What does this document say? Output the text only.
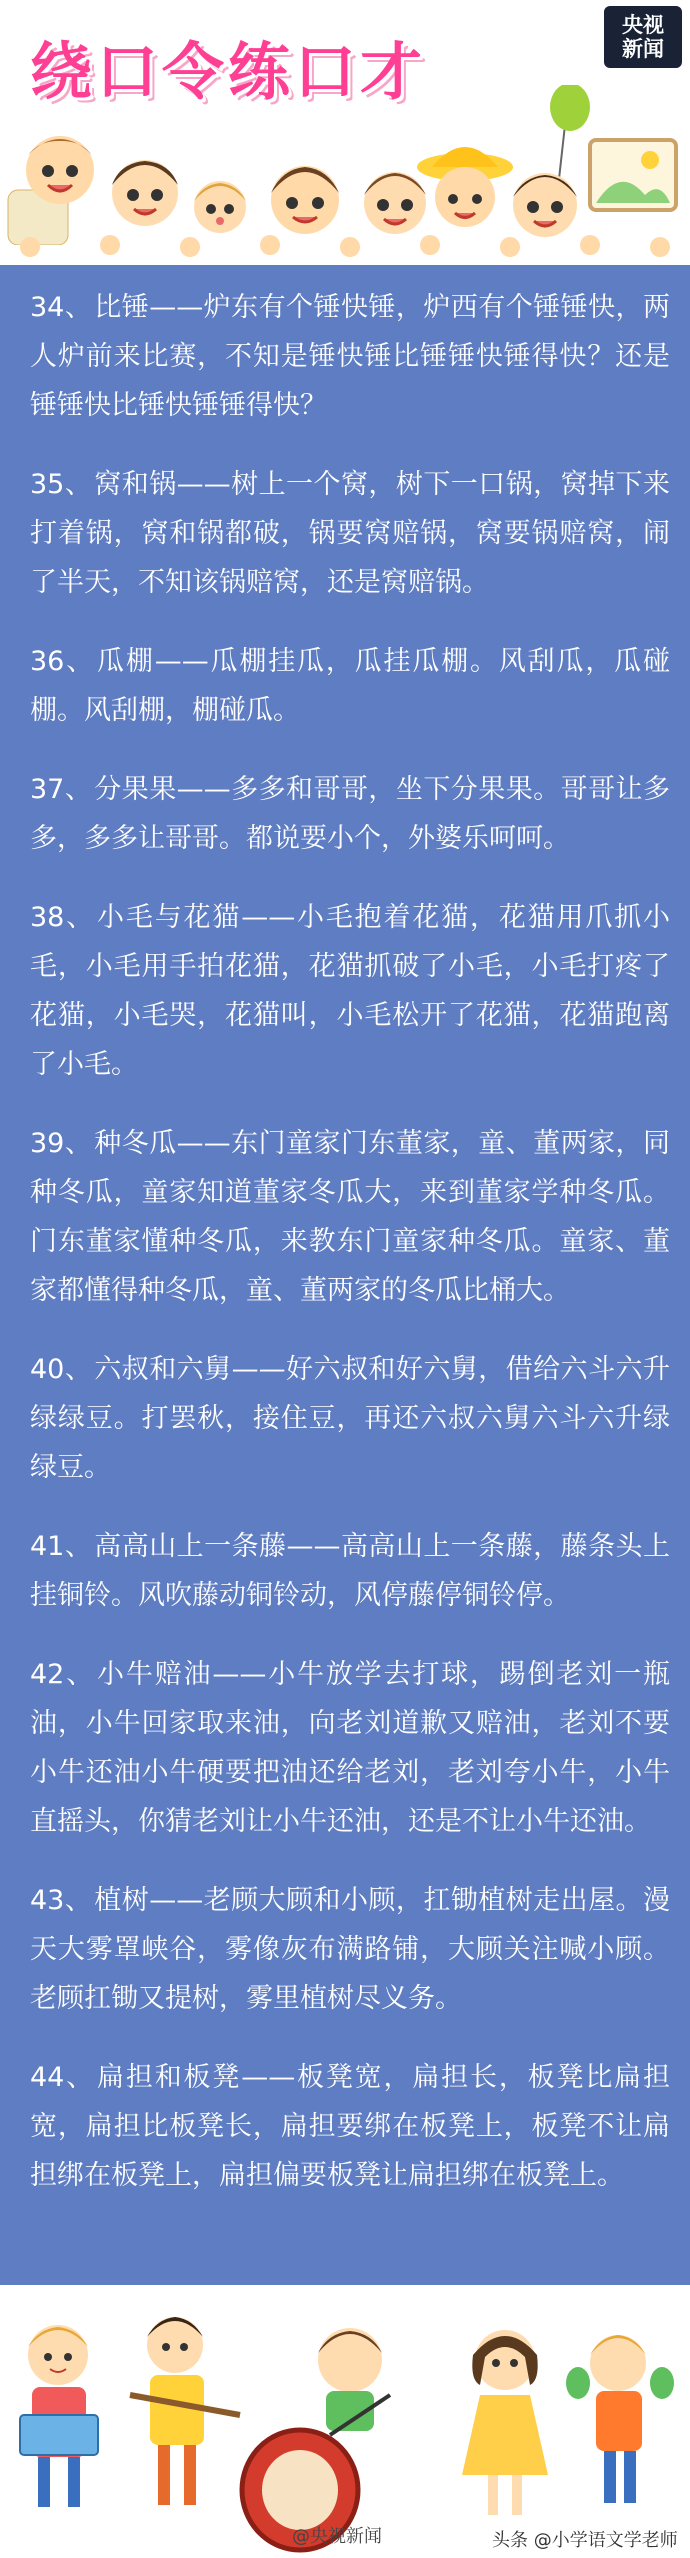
绕口令练口才
央视新闻

34、比锤——炉东有个锤快锤，炉西有个锤锤快，两人炉前来比赛，不知是锤快锤比锤锤快锤得快？还是锤锤快比锤快锤锤得快？

35、窝和锅——树上一个窝，树下一口锅，窝掉下来打着锅，窝和锅都破，锅要窝赔锅，窝要锅赔窝，闹了半天，不知该锅赔窝，还是窝赔锅。

36、瓜棚——瓜棚挂瓜，瓜挂瓜棚。风刮瓜，瓜碰棚。风刮棚，棚碰瓜。

37、分果果——多多和哥哥，坐下分果果。哥哥让多多，多多让哥哥。都说要小个，外婆乐呵呵。

38、小毛与花猫——小毛抱着花猫，花猫用爪抓小毛，小毛用手拍花猫，花猫抓破了小毛，小毛打疼了花猫，小毛哭，花猫叫，小毛松开了花猫，花猫跑离了小毛。

39、种冬瓜——东门童家门东董家，童、董两家，同种冬瓜，童家知道董家冬瓜大，来到董家学种冬瓜。门东董家懂种冬瓜，来教东门童家种冬瓜。童家、董家都懂得种冬瓜，童、董两家的冬瓜比桶大。

40、六叔和六舅——好六叔和好六舅，借给六斗六升绿绿豆。打罢秋，接住豆，再还六叔六舅六斗六升绿绿豆。

41、高高山上一条藤——高高山上一条藤，藤条头上挂铜铃。风吹藤动铜铃动，风停藤停铜铃停。

42、小牛赔油——小牛放学去打球，踢倒老刘一瓶油，小牛回家取来油，向老刘道歉又赔油，老刘不要小牛还油小牛硬要把油还给老刘，老刘夸小牛，小牛直摇头，你猜老刘让小牛还油，还是不让小牛还油。

43、植树——老顾大顾和小顾，扛锄植树走出屋。漫天大雾罩峡谷，雾像灰布满路铺，大顾关注喊小顾。老顾扛锄又提树，雾里植树尽义务。

44、扁担和板凳——板凳宽，扁担长，板凳比扁担宽，扁担比板凳长，扁担要绑在板凳上，板凳不让扁担绑在板凳上，扁担偏要板凳让扁担绑在板凳上。

@央视新闻	头条 @小学语文学老师
